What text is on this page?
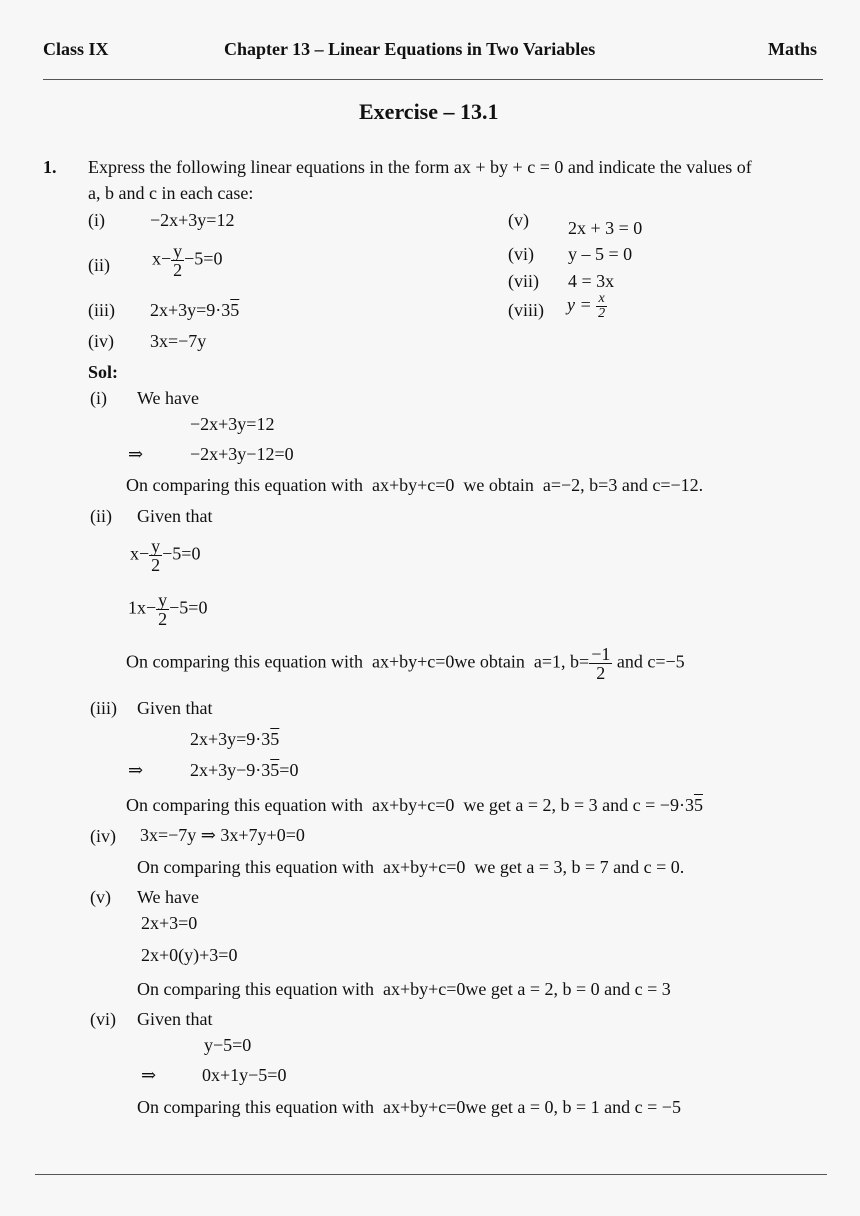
Class IX	Chapter 13 – Linear Equations in Two Variables	Maths
Exercise – 13.1
1. Express the following linear equations in the form ax + by + c = 0 and indicate the values of
a, b and c in each case:
(i)	−2x+3y=12
(ii) $x- \frac{y}{2} -5=0$
(iii) 2x+3y=9·35
(iv) 3x=−7y
(v) 2x + 3 = 0
(vi) y – 5 = 0
(vii) 4 = 3x
(viii) $y = \frac{x}{2}$
Sol:
(i) We have
−2x+3y=12
⇒	−2x+3y−12=0
On comparing this equation with ax+by+c=0 we obtain a=−2, b=3 and c=−12.
(ii) Given that
$x- \frac{y}{2} -5=0$
$1x- \frac{y}{2} -5=0$
On comparing this equation with ax+by+c=0we obtain a=1, $b= \frac{-1}{2}$ and c=−5
(iii) Given that
2x+3y=9·35
⇒	2x+3y−9·35=0
On comparing this equation with ax+by+c=0 we get a = 2, b = 3 and c = −9·35
(iv) 3x=−7y ⇒ 3x+7y+0=0
On comparing this equation with ax+by+c=0 we get a = 3, b = 7 and c = 0.
(v) We have
2x+3=0
2x+0(y)+3=0
On comparing this equation with ax+by+c=0we get a = 2, b = 0 and c = 3
(vi) Given that
y−5=0
⇒	0x+1y−5=0
On comparing this equation with ax+by+c=0we get a = 0, b = 1 and c = −5
